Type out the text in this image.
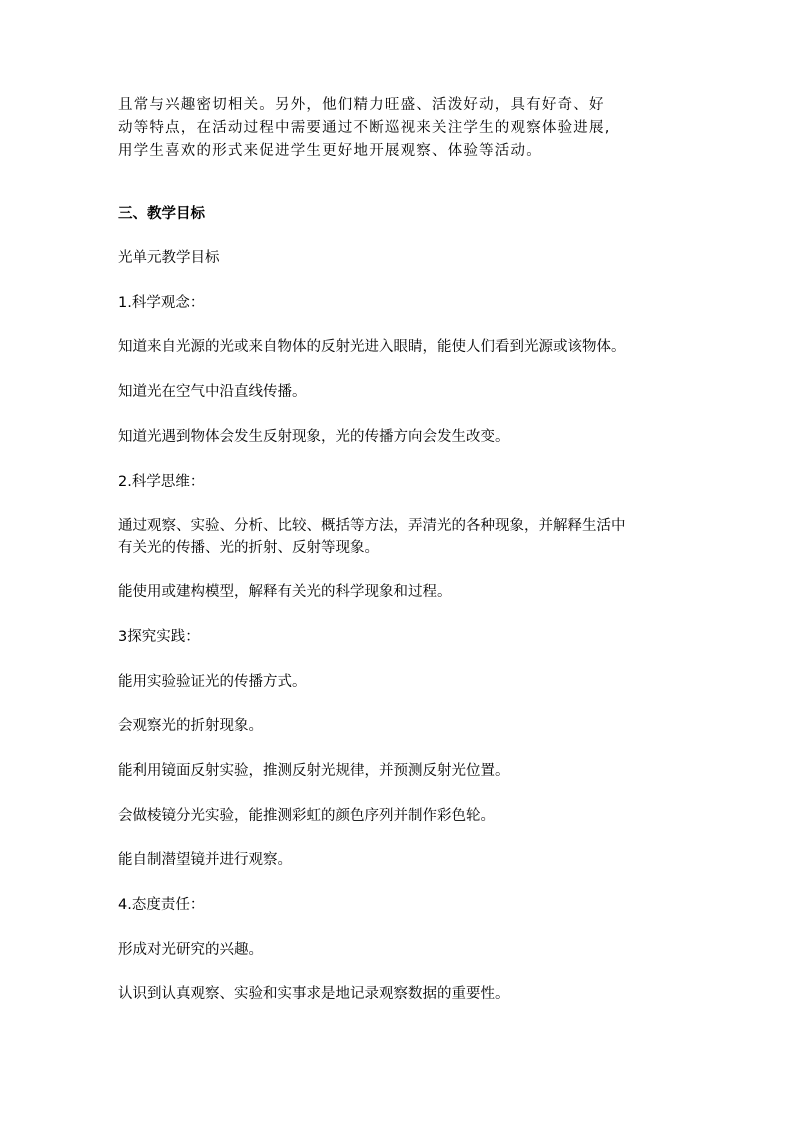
且常与兴趣密切相关。另外，他们精力旺盛、活泼好动，具有好奇、好
动等特点，在活动过程中需要通过不断巡视来关注学生的观察体验进展,
用学生喜欢的形式来促进学生更好地开展观察、体验等活动。
三、教学目标
光单元教学目标
1.科学观念：
知道来自光源的光或来自物体的反射光进入眼睛，能使人们看到光源或该物体。
知道光在空气中沿直线传播。
知道光遇到物体会发生反射现象，光的传播方向会发生改变。
2.科学思维：
通过观察、实验、分析、比较、概括等方法，弄清光的各种现象，并解释生活中
有关光的传播、光的折射、反射等现象。
能使用或建构模型，解释有关光的科学现象和过程。
3探究实践：
能用实验验证光的传播方式。
会观察光的折射现象。
能利用镜面反射实验，推测反射光规律，并预测反射光位置。
会做棱镜分光实验，能推测彩虹的颜色序列并制作彩色轮。
能自制潜望镜并进行观察。
4.态度责任：
形成对光研究的兴趣。
认识到认真观察、实验和实事求是地记录观察数据的重要性。
